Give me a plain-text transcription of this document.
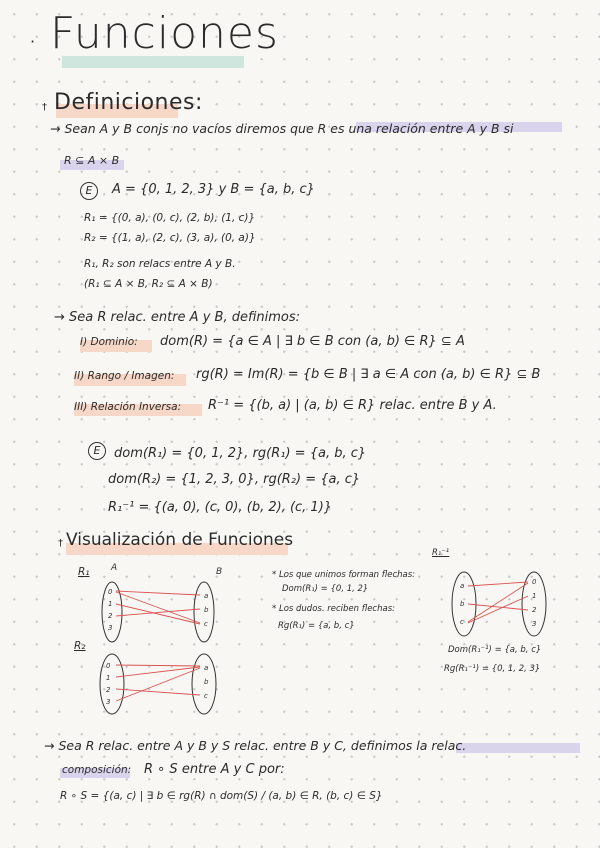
· Funciones
† Definiciones:
→ Sean A y B conjs no vacíos diremos que R es una relación entre A y B si
R ⊆ A × B
E	A = {0, 1, 2, 3} y B = {a, b, c}
R₁ = {(0, a), (0, c), (2, b), (1, c)}
R₂ = {(1, a), (2, c), (3, a), (0, a)}
R₁, R₂ son relacs entre A y B.
(R₁ ⊆ A × B, R₂ ⊆ A × B)
→ Sea R relac. entre A y B, definimos:
I) Dominio: dom(R) = {a ∈ A | ∃ b ∈ B con (a, b) ∈ R} ⊆ A
II) Rango / Imagen: rg(R) = Im(R) = {b ∈ B | ∃ a ∈ A con (a, b) ∈ R} ⊆ B
III) Relación Inversa: R⁻¹ = {(b, a) | (a, b) ∈ R} relac. entre B y A.
E	dom(R₁) = {0, 1, 2}, rg(R₁) = {a, b, c}
dom(R₂) = {1, 2, 3, 0}, rg(R₂) = {a, c}
R₁⁻¹ = {(a, 0), (c, 0), (b, 2), (c, 1)}
† Visualización de Funciones
R₁ A	B
0
1
2
3
a
b
c
R₂
0
1
2
3
a
b
c
* Los que unimos forman flechas:
Dom(R₁) = {0, 1, 2}
* Los dudos. reciben flechas:
Rg(R₁) = {a, b, c}
R₁⁻¹
a
b
c
0
1
2
3
Dom(R₁⁻¹) = {a, b, c}
Rg(R₁⁻¹) = {0, 1, 2, 3}
→ Sea R relac. entre A y B y S relac. entre B y C, definimos la relac.
composición: R ∘ S entre A y C por:
R ∘ S = {(a, c) | ∃ b ∈ rg(R) ∩ dom(S) / (a, b) ∈ R, (b, c) ∈ S}
